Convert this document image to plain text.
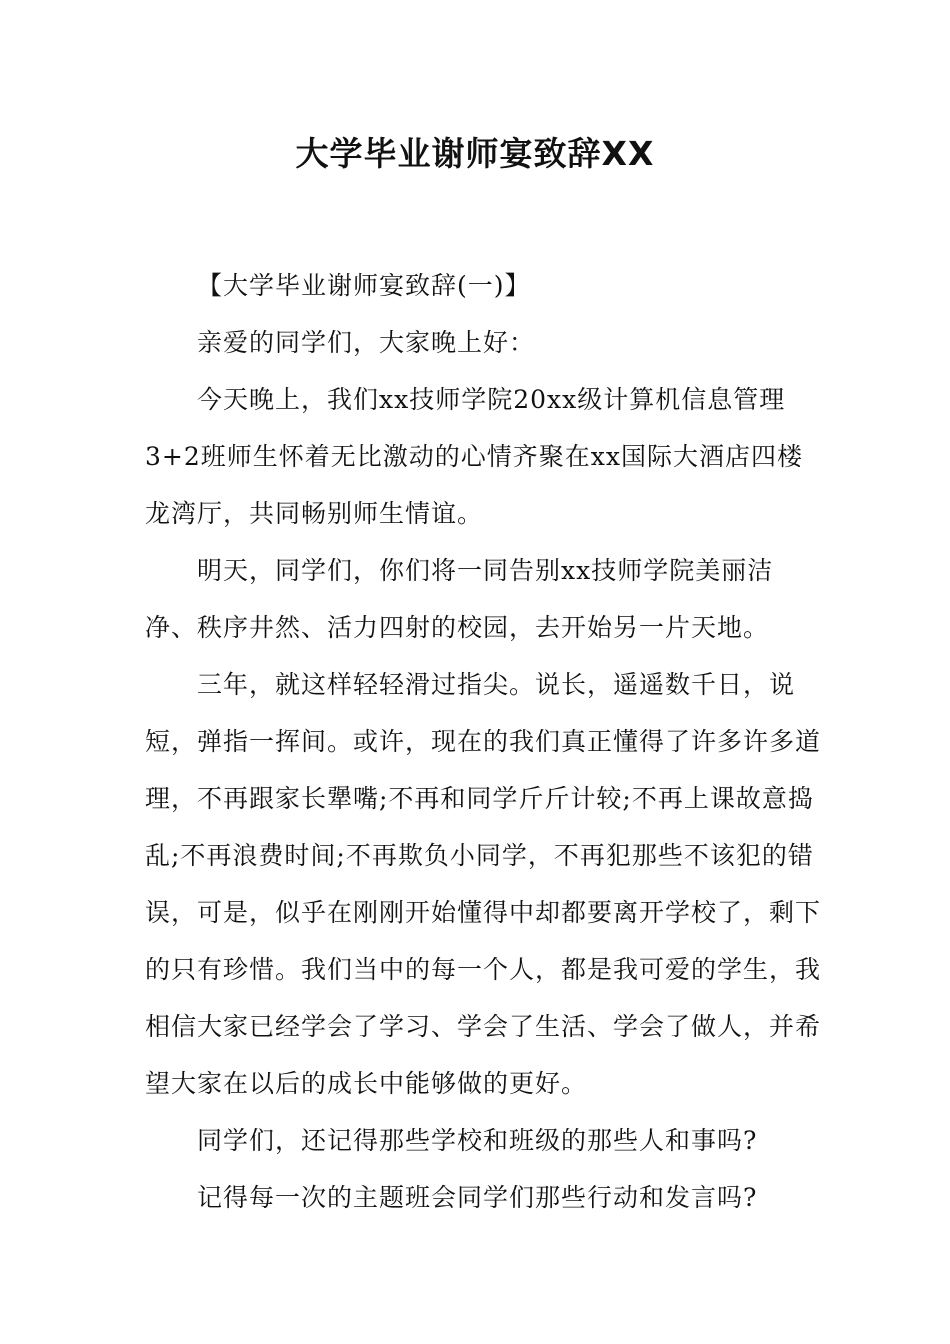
大学毕业谢师宴致辞XX

【大学毕业谢师宴致辞(一)】

亲爱的同学们，大家晚上好：

今天晚上，我们xx技师学院20xx级计算机信息管理3+2班师生怀着无比激动的心情齐聚在xx国际大酒店四楼龙湾厅，共同畅别师生情谊。

明天，同学们，你们将一同告别xx技师学院美丽洁净、秩序井然、活力四射的校园，去开始另一片天地。

三年，就这样轻轻滑过指尖。说长，遥遥数千日，说短，弹指一挥间。或许，现在的我们真正懂得了许多许多道理，不再跟家长犟嘴;不再和同学斤斤计较;不再上课故意捣乱;不再浪费时间;不再欺负小同学，不再犯那些不该犯的错误，可是，似乎在刚刚开始懂得中却都要离开学校了，剩下的只有珍惜。我们当中的每一个人，都是我可爱的学生，我相信大家已经学会了学习、学会了生活、学会了做人，并希望大家在以后的成长中能够做的更好。

同学们，还记得那些学校和班级的那些人和事吗?

记得每一次的主题班会同学们那些行动和发言吗?
